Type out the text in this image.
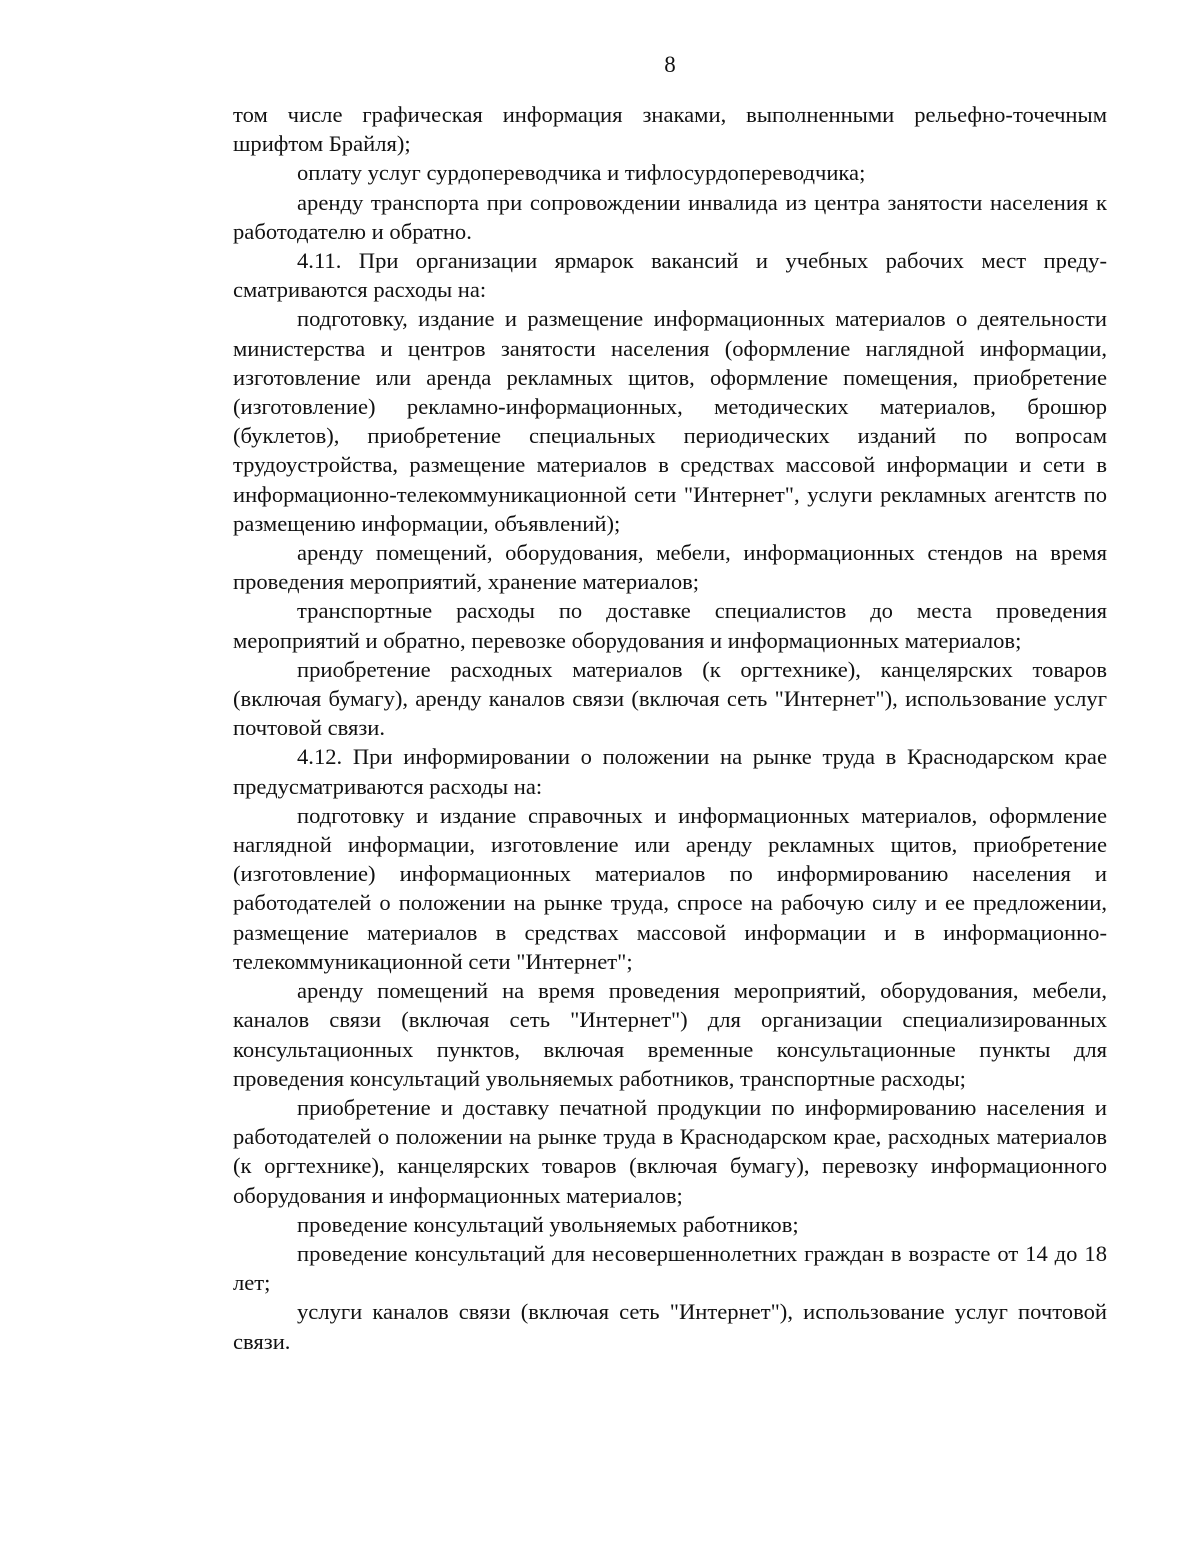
8

том числе графическая информация знаками, выполненными рельефно-точечным шрифтом Брайля);

оплату услуг сурдопереводчика и тифлосурдопереводчика;

аренду транспорта при сопровождении инвалида из центра занятости населения к работодателю и обратно.

4.11. При организации ярмарок вакансий и учебных рабочих мест предусматриваются расходы на:

подготовку, издание и размещение информационных материалов о деятельности министерства и центров занятости населения (оформление наглядной информации, изготовление или аренда рекламных щитов, оформление помещения, приобретение (изготовление) рекламно-информационных, методических материалов, брошюр (буклетов), приобретение специальных периодических изданий по вопросам трудоустройства, размещение материалов в средствах массовой информации и сети в информационно-телекоммуникационной сети "Интернет", услуги рекламных агентств по размещению информации, объявлений);

аренду помещений, оборудования, мебели, информационных стендов на время проведения мероприятий, хранение материалов;

транспортные расходы по доставке специалистов до места проведения мероприятий и обратно, перевозке оборудования и информационных материалов;

приобретение расходных материалов (к оргтехнике), канцелярских товаров (включая бумагу), аренду каналов связи (включая сеть "Интернет"), использование услуг почтовой связи.

4.12. При информировании о положении на рынке труда в Краснодарском крае предусматриваются расходы на:

подготовку и издание справочных и информационных материалов, оформление наглядной информации, изготовление или аренду рекламных щитов, приобретение (изготовление) информационных материалов по информированию населения и работодателей о положении на рынке труда, спросе на рабочую силу и ее предложении, размещение материалов в средствах массовой информации и в информационно-телекоммуникационной сети "Интернет";

аренду помещений на время проведения мероприятий, оборудования, мебели, каналов связи (включая сеть "Интернет") для организации специализированных консультационных пунктов, включая временные консультационные пункты для проведения консультаций увольняемых работников, транспортные расходы;

приобретение и доставку печатной продукции по информированию населения и работодателей о положении на рынке труда в Краснодарском крае, расходных материалов (к оргтехнике), канцелярских товаров (включая бумагу), перевозку информационного оборудования и информационных материалов;

проведение консультаций увольняемых работников;

проведение консультаций для несовершеннолетних граждан в возрасте от 14 до 18 лет;

услуги каналов связи (включая сеть "Интернет"), использование услуг почтовой связи.
